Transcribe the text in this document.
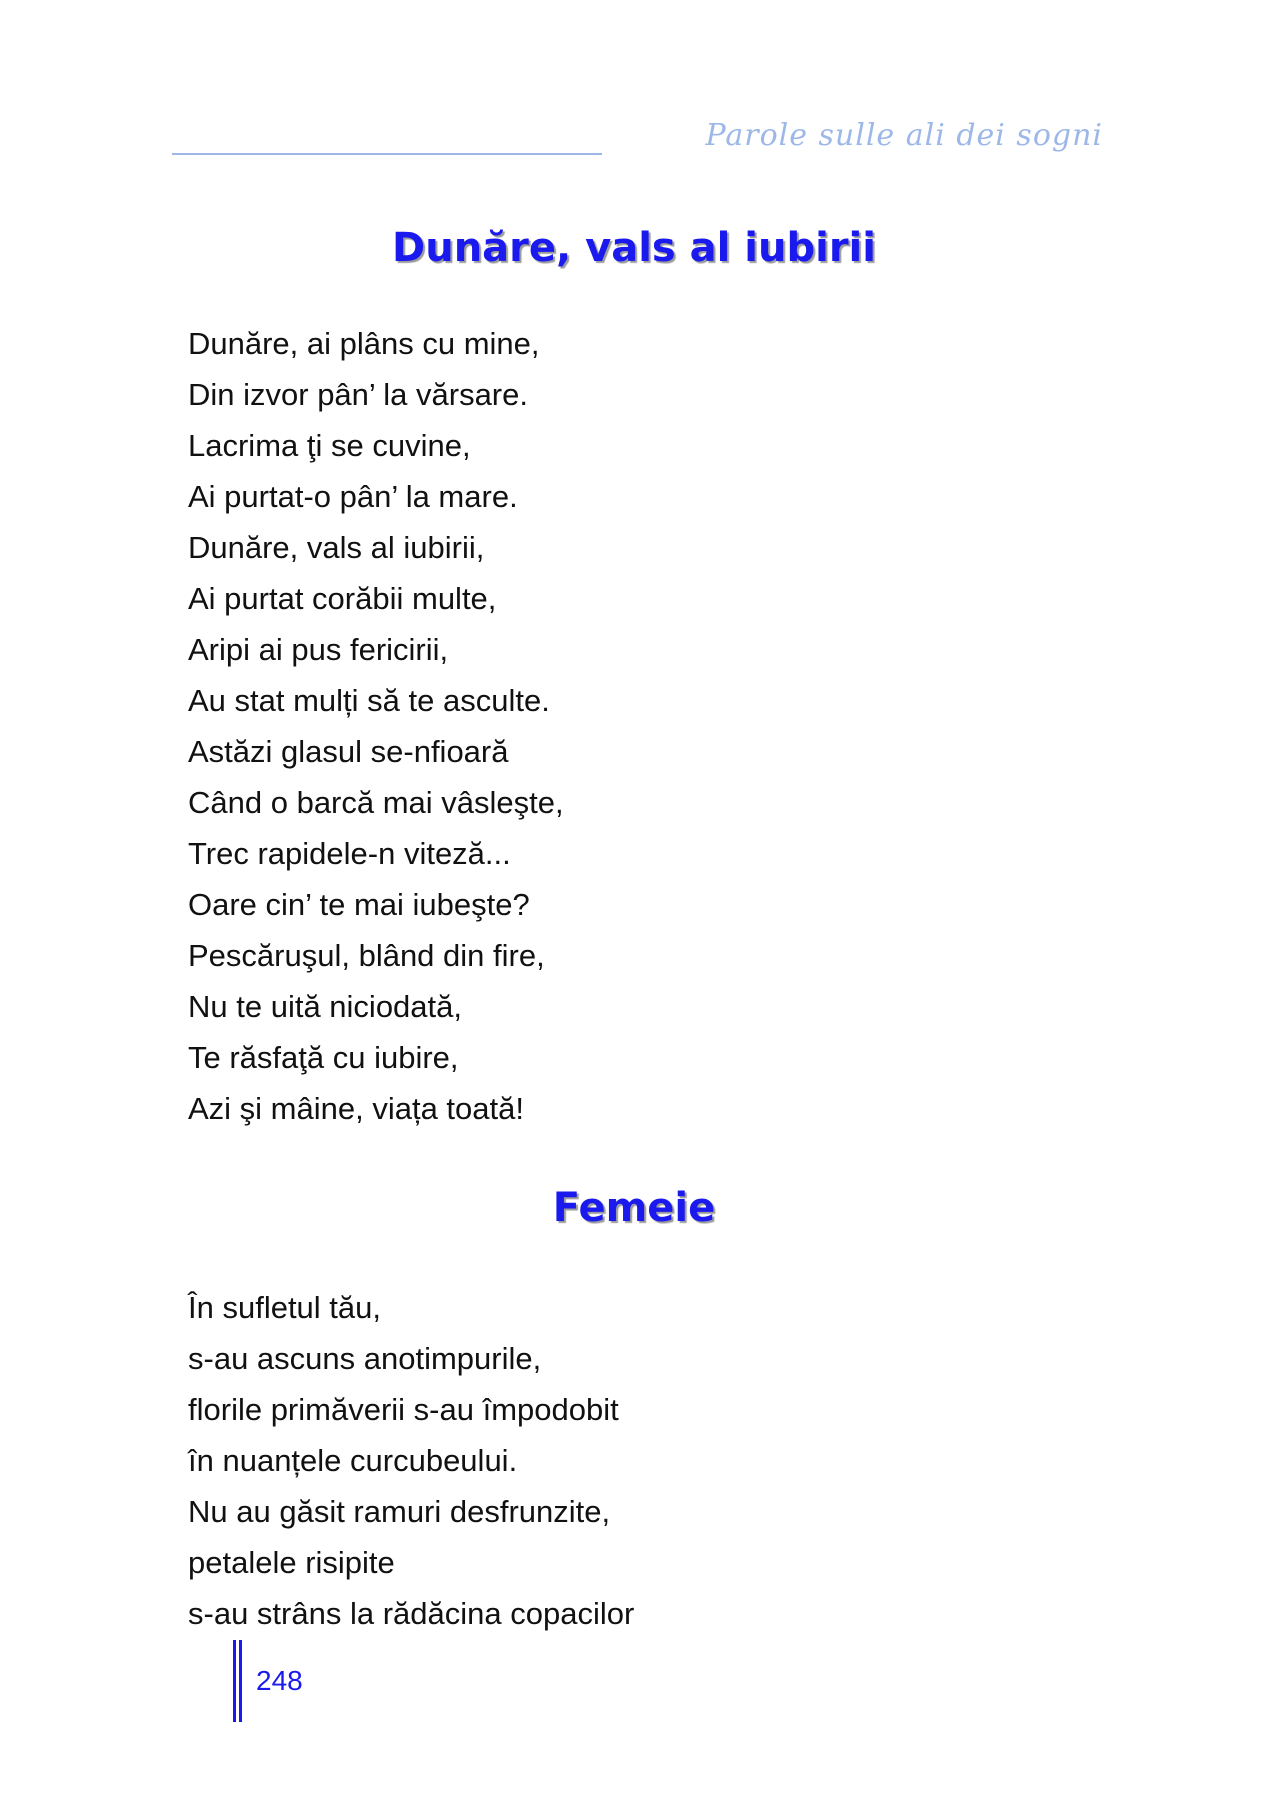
Parole sulle ali dei sogni
Dunăre, vals al iubirii
Dunăre, ai plâns cu mine,
Din izvor pân’ la vărsare.
Lacrima ţi se cuvine,
Ai purtat-o pân’ la mare.
Dunăre, vals al iubirii,
Ai purtat corăbii multe,
Aripi ai pus fericirii,
Au stat mulți să te asculte.
Astăzi glasul se-nfioară
Când o barcă mai vâsleşte,
Trec rapidele-n viteză...
Oare cin’ te mai iubeşte?
Pescăruşul, blând din fire,
Nu te uită niciodată,
Te răsfaţă cu iubire,
Azi şi mâine, viața toată!
Femeie
În sufletul tău,
s-au ascuns anotimpurile,
florile primăverii s-au împodobit
în nuanțele curcubeului.
Nu au găsit ramuri desfrunzite,
petalele risipite
s-au strâns la rădăcina copacilor
248
